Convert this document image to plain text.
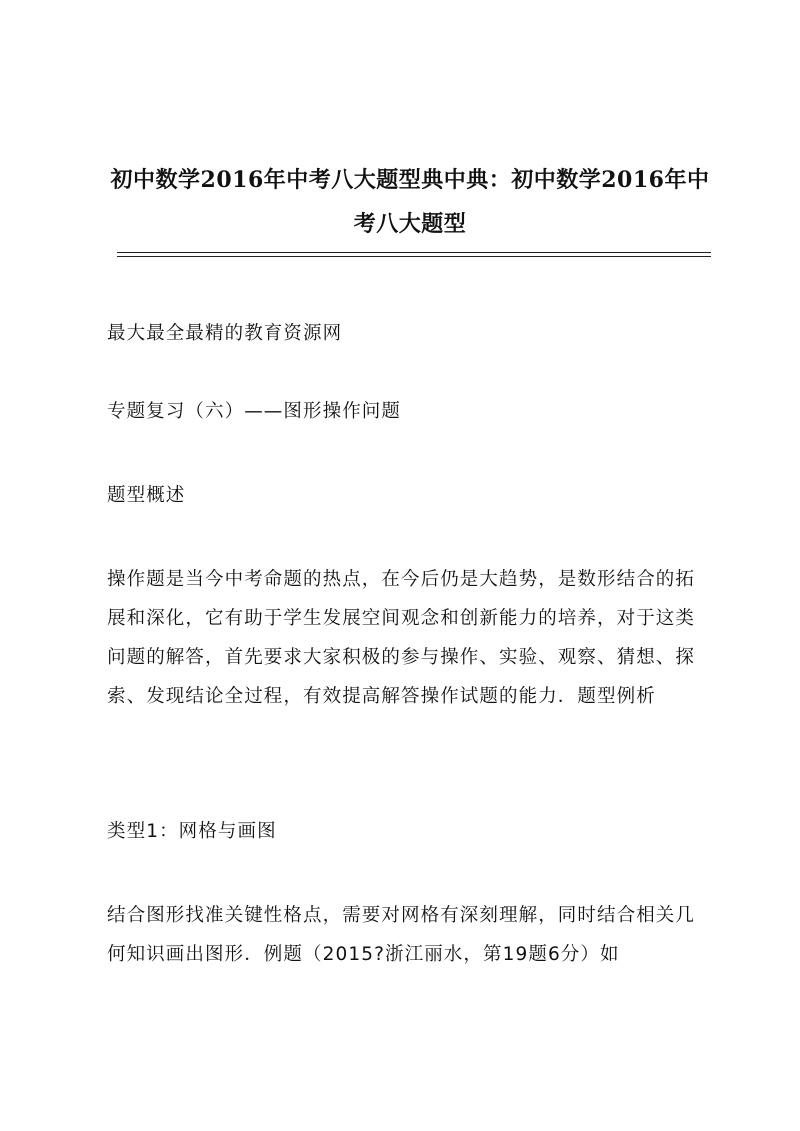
初中数学2016年中考八大题型典中典：初中数学2016年中考八大题型

最大最全最精的教育资源网

专题复习（六）——图形操作问题

题型概述

操作题是当今中考命题的热点，在今后仍是大趋势，是数形结合的拓展和深化，它有助于学生发展空间观念和创新能力的培养，对于这类问题的解答，首先要求大家积极的参与操作、实验、观察、猜想、探索、发现结论全过程，有效提高解答操作试题的能力．题型例析

类型1：网格与画图

结合图形找准关键性格点，需要对网格有深刻理解，同时结合相关几何知识画出图形．例题（2015?浙江丽水，第19题6分）如
